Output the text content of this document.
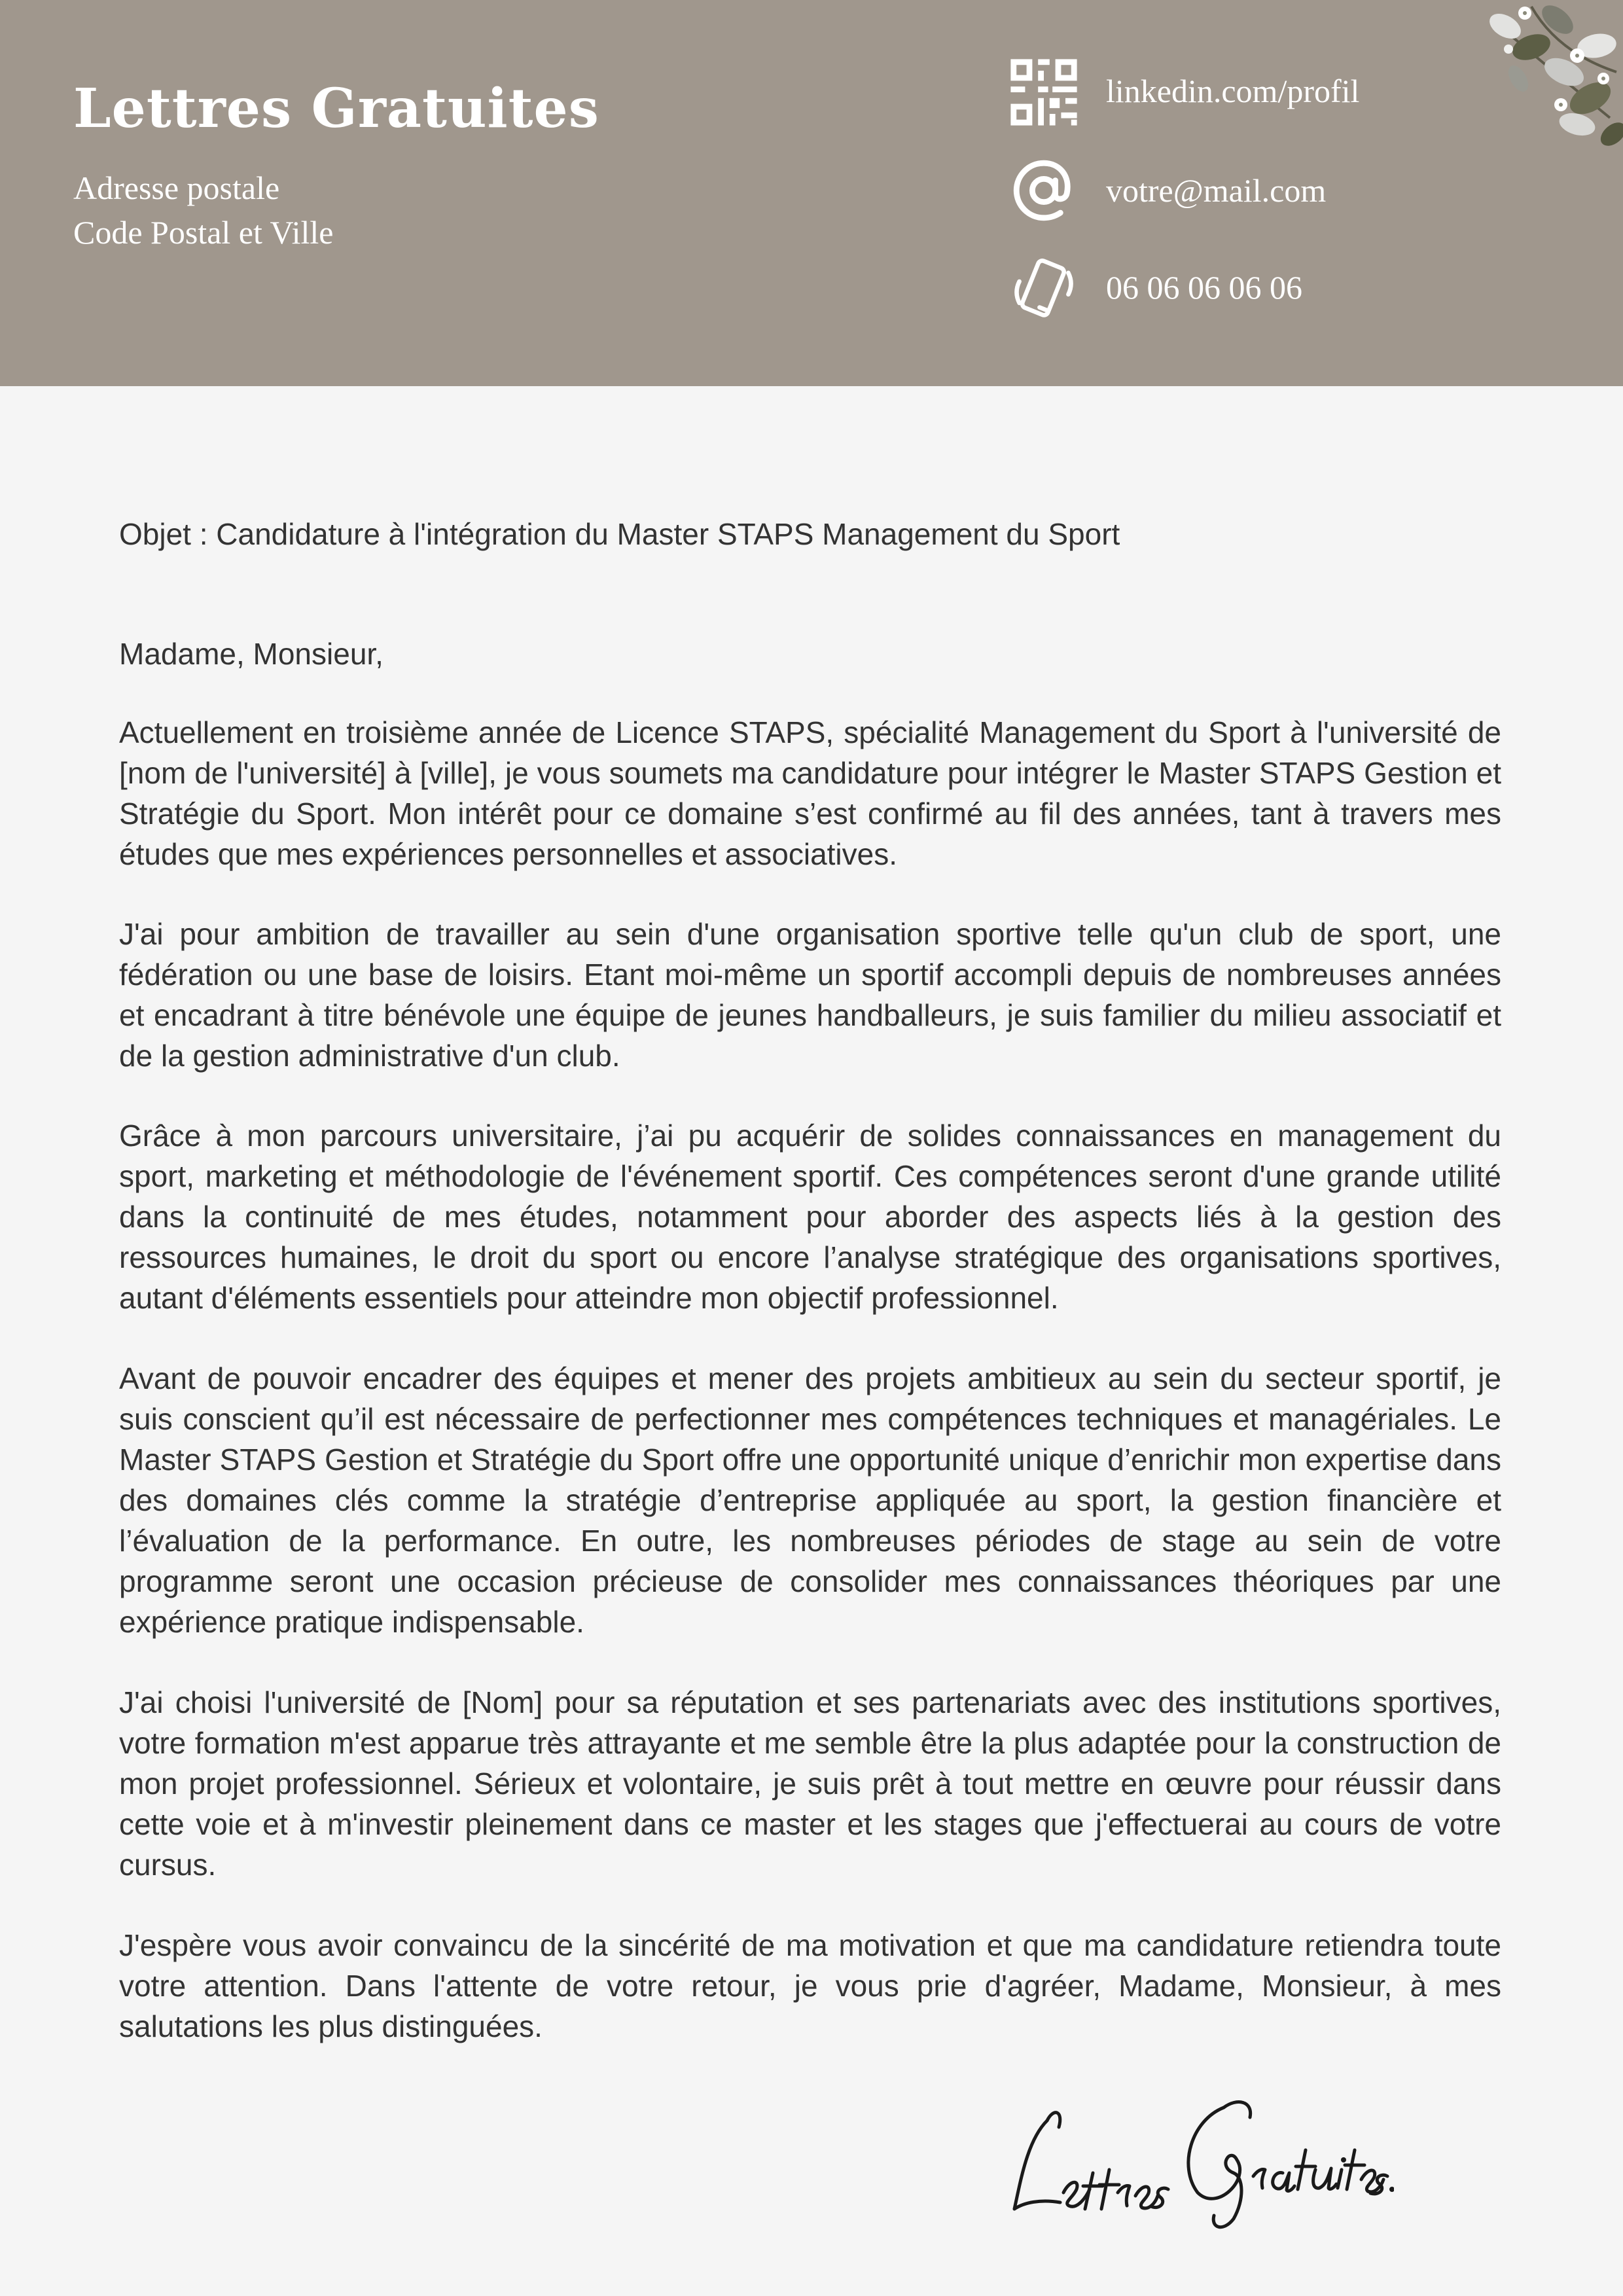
Lettres Gratuites
Adresse postale
Code Postal et Ville
linkedin.com/profil
votre@mail.com
06 06 06 06 06
Objet : Candidature à l'intégration du Master STAPS Management du Sport
Madame, Monsieur,

Actuellement en troisième année de Licence STAPS, spécialité Management du Sport à l'université de [nom de l'université] à [ville], je vous soumets ma candidature pour intégrer le Master STAPS Gestion et Stratégie du Sport. Mon intérêt pour ce domaine s’est confirmé au fil des années, tant à travers mes études que mes expériences personnelles et associatives.

J'ai pour ambition de travailler au sein d'une organisation sportive telle qu'un club de sport, une fédération ou une base de loisirs. Etant moi-même un sportif accompli depuis de nombreuses années et encadrant à titre bénévole une équipe de jeunes handballeurs, je suis familier du milieu associatif et de la gestion administrative d'un club.

Grâce à mon parcours universitaire, j’ai pu acquérir de solides connaissances en management du sport, marketing et méthodologie de l'événement sportif. Ces compétences seront d'une grande utilité dans la continuité de mes études, notamment pour aborder des aspects liés à la gestion des ressources humaines, le droit du sport ou encore l’analyse stratégique des organisations sportives, autant d'éléments essentiels pour atteindre mon objectif professionnel.

Avant de pouvoir encadrer des équipes et mener des projets ambitieux au sein du secteur sportif, je suis conscient qu’il est nécessaire de perfectionner mes compétences techniques et managériales. Le Master STAPS Gestion et Stratégie du Sport offre une opportunité unique d’enrichir mon expertise dans des domaines clés comme la stratégie d’entreprise appliquée au sport, la gestion financière et l’évaluation de la performance. En outre, les nombreuses périodes de stage au sein de votre programme seront une occasion précieuse de consolider mes connaissances théoriques par une expérience pratique indispensable.

J'ai choisi l'université de [Nom] pour sa réputation et ses partenariats avec des institutions sportives, votre formation m'est apparue très attrayante et me semble être la plus adaptée pour la construction de mon projet professionnel. Sérieux et volontaire, je suis prêt à tout mettre en œuvre pour réussir dans cette voie et à m'investir pleinement dans ce master et les stages que j'effectuerai au cours de votre cursus.

J'espère vous avoir convaincu de la sincérité de ma motivation et que ma candidature retiendra toute votre attention. Dans l'attente de votre retour, je vous prie d'agréer, Madame, Monsieur, à mes salutations les plus distinguées.
